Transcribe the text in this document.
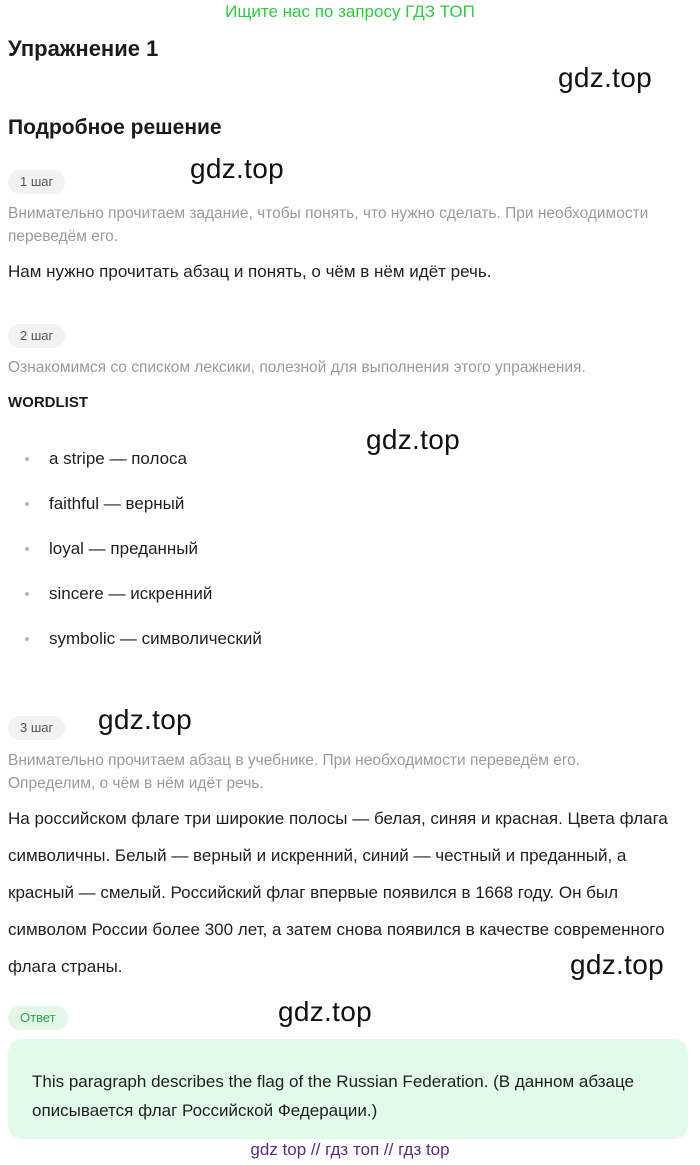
Ищите нас по запросу ГДЗ ТОП
Упражнение 1
gdz.top
Подробное решение
1 шаг	gdz.top
Внимательно прочитаем задание, чтобы понять, что нужно сделать. При необходимости переведём его.
Нам нужно прочитать абзац и понять, о чём в нём идёт речь.
2 шаг
Ознакомимся со списком лексики, полезной для выполнения этого упражнения.
WORDLIST
gdz.top
a stripe — полоса
faithful — верный
loyal — преданный
sincere — искренний
symbolic — символический
3 шаг	gdz.top
Внимательно прочитаем абзац в учебнике. При необходимости переведём его. Определим, о чём в нём идёт речь.
На российском флаге три широкие полосы — белая, синяя и красная. Цвета флага символичны. Белый — верный и искренний, синий — честный и преданный, а красный — смелый. Российский флаг впервые появился в 1668 году. Он был символом России более 300 лет, а затем снова появился в качестве современного флага страны.	gdz.top
Ответ	gdz.top
This paragraph describes the flag of the Russian Federation. (В данном абзаце описывается флаг Российской Федерации.)
gdz top // гдз топ // гдз top
